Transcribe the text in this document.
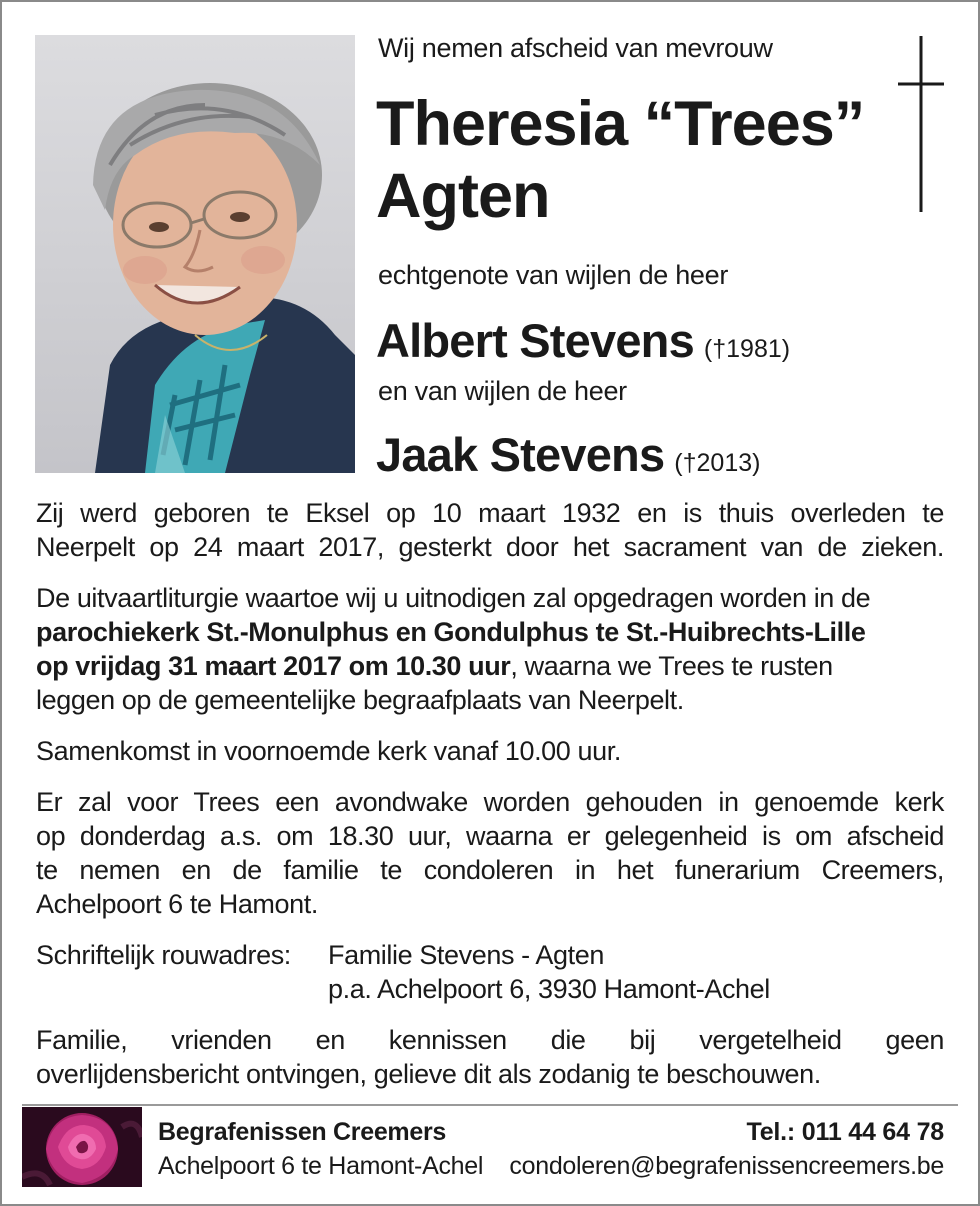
Wij nemen afscheid van mevrouw
Theresia “Trees”
Agten
echtgenote van wijlen de heer
Albert Stevens (†1981)
en van wijlen de heer
Jaak Stevens (†2013)
Zij werd geboren te Eksel op 10 maart 1932 en is thuis overleden te
Neerpelt op 24 maart 2017, gesterkt door het sacrament van de zieken.
De uitvaartliturgie waartoe wij u uitnodigen zal opgedragen worden in de
parochiekerk St.-Monulphus en Gondulphus te St.-Huibrechts-Lille
op vrijdag 31 maart 2017 om 10.30 uur, waarna we Trees te rusten
leggen op de gemeentelijke begraafplaats van Neerpelt.
Samenkomst in voornoemde kerk vanaf 10.00 uur.
Er zal voor Trees een avondwake worden gehouden in genoemde kerk
op donderdag a.s. om 18.30 uur, waarna er gelegenheid is om afscheid
te nemen en de familie te condoleren in het funerarium Creemers,
Achelpoort 6 te Hamont.
Schriftelijk rouwadres: Familie Stevens - Agten
p.a. Achelpoort 6, 3930 Hamont-Achel
Familie, vrienden en kennissen die bij vergetelheid geen
overlijdensbericht ontvingen, gelieve dit als zodanig te beschouwen.
Begrafenissen Creemers
Achelpoort 6 te Hamont-Achel
Tel.: 011 44 64 78
condoleren@begrafenissencreemers.be
